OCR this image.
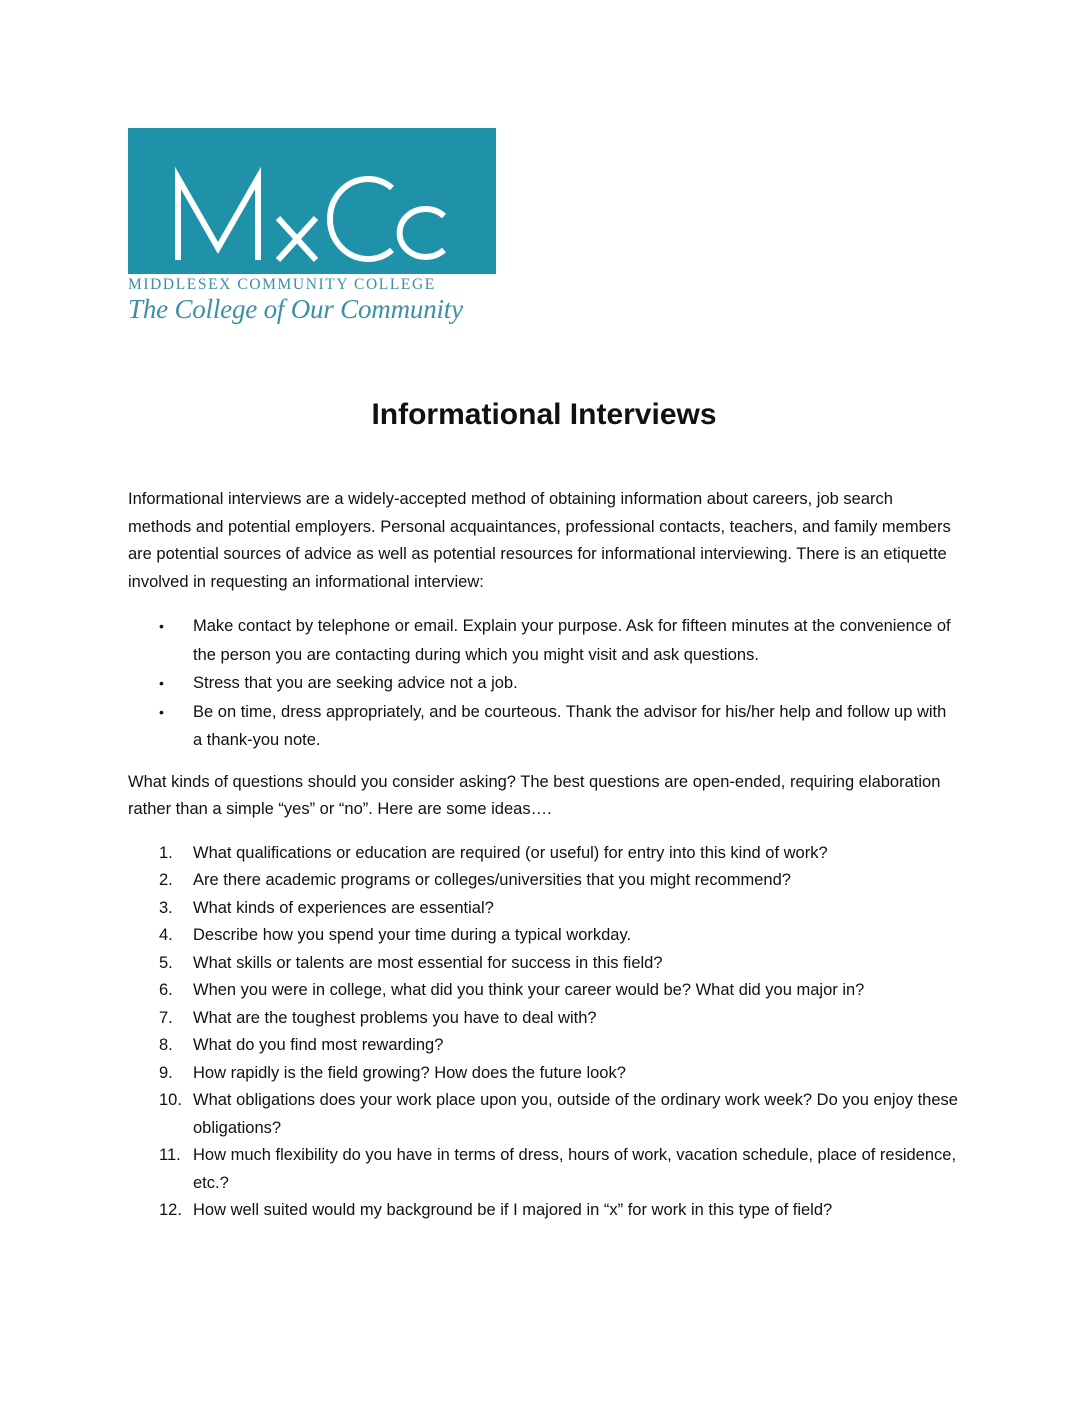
MIDDLESEX COMMUNITY COLLEGE
The College of Our Community
Informational Interviews

Informational interviews are a widely-accepted method of obtaining information about careers, job search methods and potential employers. Personal acquaintances, professional contacts, teachers, and family members are potential sources of advice as well as potential resources for informational interviewing. There is an etiquette involved in requesting an informational interview:

• Make contact by telephone or email. Explain your purpose. Ask for fifteen minutes at the convenience of the person you are contacting during which you might visit and ask questions.
• Stress that you are seeking advice not a job.
• Be on time, dress appropriately, and be courteous. Thank the advisor for his/her help and follow up with a thank-you note.

What kinds of questions should you consider asking? The best questions are open-ended, requiring elaboration rather than a simple “yes” or “no”. Here are some ideas….

1. What qualifications or education are required (or useful) for entry into this kind of work?
2. Are there academic programs or colleges/universities that you might recommend?
3. What kinds of experiences are essential?
4. Describe how you spend your time during a typical workday.
5. What skills or talents are most essential for success in this field?
6. When you were in college, what did you think your career would be? What did you major in?
7. What are the toughest problems you have to deal with?
8. What do you find most rewarding?
9. How rapidly is the field growing? How does the future look?
10. What obligations does your work place upon you, outside of the ordinary work week? Do you enjoy these obligations?
11. How much flexibility do you have in terms of dress, hours of work, vacation schedule, place of residence, etc.?
12. How well suited would my background be if I majored in “x” for work in this type of field?
